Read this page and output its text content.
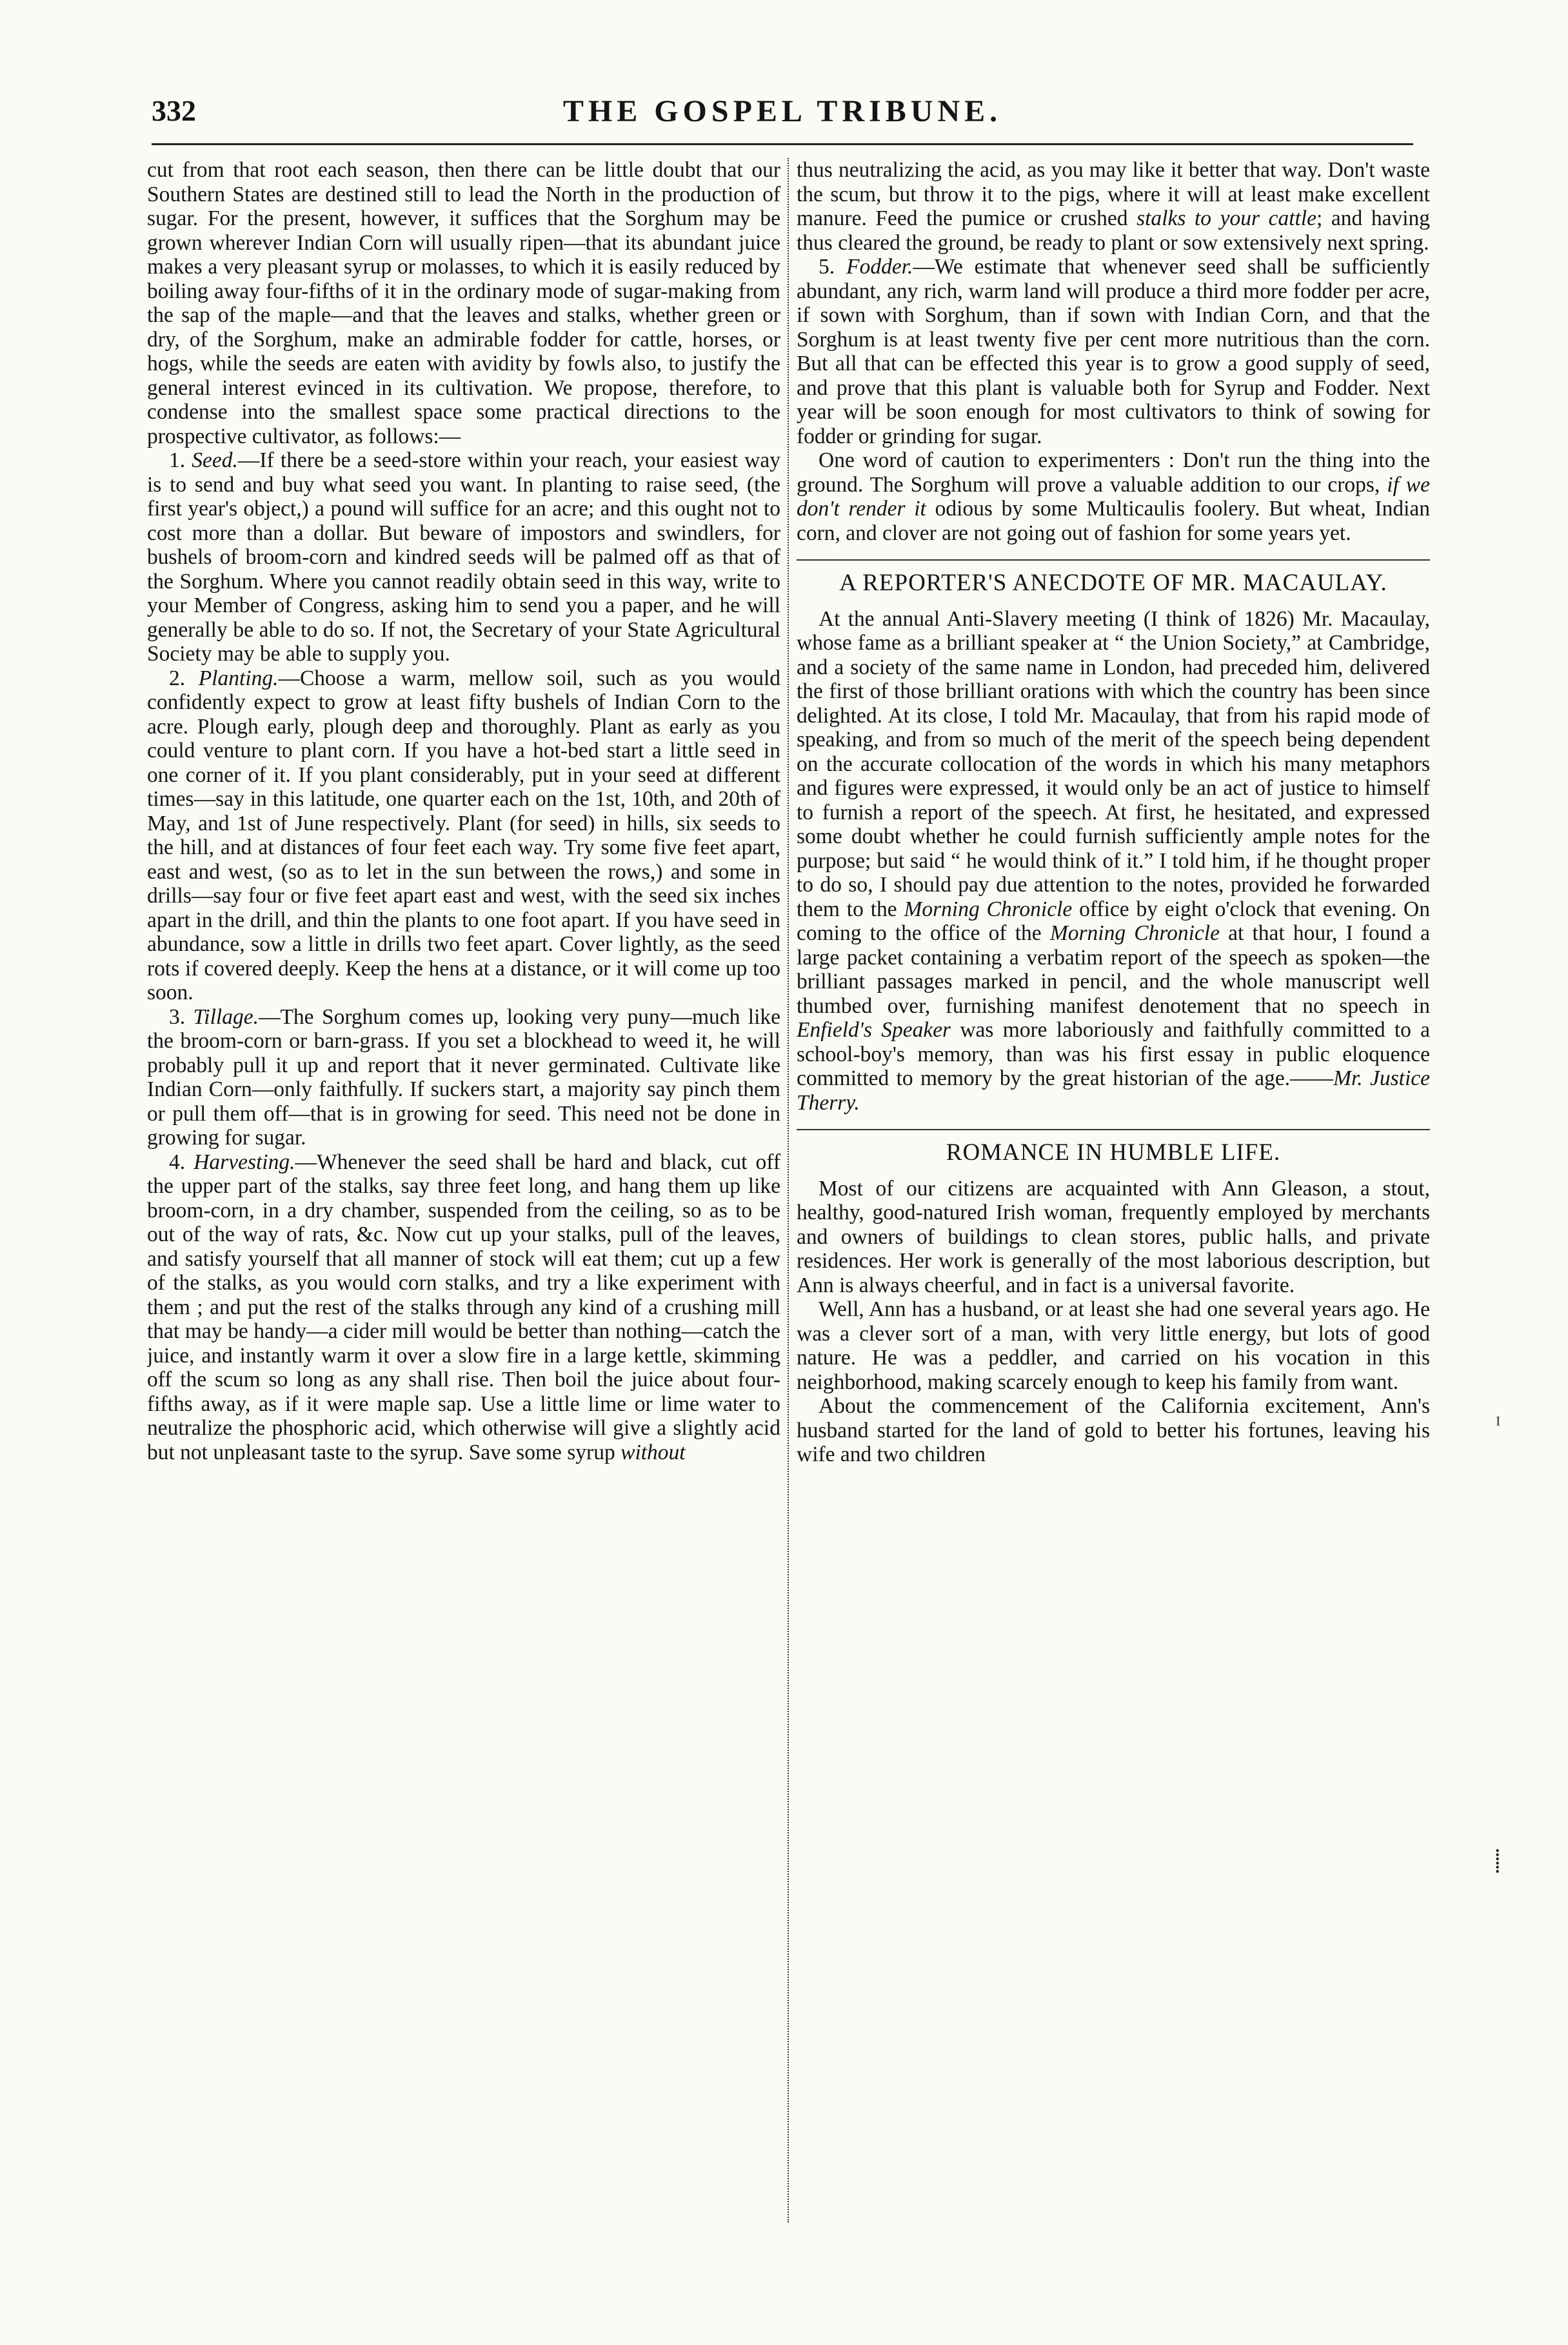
332	THE GOSPEL TRIBUNE.

cut from that root each season, then there can be little doubt that our Southern States are destined still to lead the North in the production of sugar. For the present, however, it suffices that the Sorghum may be grown wherever Indian Corn will usually ripen—that its abundant juice makes a very pleasant syrup or molasses, to which it is easily reduced by boiling away four-fifths of it in the ordinary mode of sugar-making from the sap of the maple—and that the leaves and stalks, whether green or dry, of the Sorghum, make an admirable fodder for cattle, horses, or hogs, while the seeds are eaten with avidity by fowls also, to justify the general interest evinced in its cultivation. We propose, therefore, to condense into the smallest space some practical directions to the prospective cultivator, as follows:—

1. Seed.—If there be a seed-store within your reach, your easiest way is to send and buy what seed you want. In planting to raise seed, (the first year's object,) a pound will suffice for an acre; and this ought not to cost more than a dollar. But beware of impostors and swindlers, for bushels of broom-corn and kindred seeds will be palmed off as that of the Sorghum. Where you cannot readily obtain seed in this way, write to your Member of Congress, asking him to send you a paper, and he will generally be able to do so. If not, the Secretary of your State Agricultural Society may be able to supply you.

2. Planting.—Choose a warm, mellow soil, such as you would confidently expect to grow at least fifty bushels of Indian Corn to the acre. Plough early, plough deep and thoroughly. Plant as early as you could venture to plant corn. If you have a hot-bed start a little seed in one corner of it. If you plant considerably, put in your seed at different times—say in this latitude, one quarter each on the 1st, 10th, and 20th of May, and 1st of June respectively. Plant (for seed) in hills, six seeds to the hill, and at distances of four feet each way. Try some five feet apart, east and west, (so as to let in the sun between the rows,) and some in drills—say four or five feet apart east and west, with the seed six inches apart in the drill, and thin the plants to one foot apart. If you have seed in abundance, sow a little in drills two feet apart. Cover lightly, as the seed rots if covered deeply. Keep the hens at a distance, or it will come up too soon.

3. Tillage.—The Sorghum comes up, looking very puny—much like the broom-corn or barn-grass. If you set a blockhead to weed it, he will probably pull it up and report that it never germinated. Cultivate like Indian Corn—only faithfully. If suckers start, a majority say pinch them or pull them off—that is in growing for seed. This need not be done in growing for sugar.

4. Harvesting.—Whenever the seed shall be hard and black, cut off the upper part of the stalks, say three feet long, and hang them up like broom-corn, in a dry chamber, suspended from the ceiling, so as to be out of the way of rats, &c. Now cut up your stalks, pull of the leaves, and satisfy yourself that all manner of stock will eat them; cut up a few of the stalks, as you would corn stalks, and try a like experiment with them ; and put the rest of the stalks through any kind of a crushing mill that may be handy—a cider mill would be better than nothing—catch the juice, and instantly warm it over a slow fire in a large kettle, skimming off the scum so long as any shall rise. Then boil the juice about four-fifths away, as if it were maple sap. Use a little lime or lime water to neutralize the phosphoric acid, which otherwise will give a slightly acid but not unpleasant taste to the syrup. Save some syrup without

thus neutralizing the acid, as you may like it better that way. Don't waste the scum, but throw it to the pigs, where it will at least make excellent manure. Feed the pumice or crushed stalks to your cattle; and having thus cleared the ground, be ready to plant or sow extensively next spring.

5. Fodder.—We estimate that whenever seed shall be sufficiently abundant, any rich, warm land will produce a third more fodder per acre, if sown with Sorghum, than if sown with Indian Corn, and that the Sorghum is at least twenty five per cent more nutritious than the corn. But all that can be effected this year is to grow a good supply of seed, and prove that this plant is valuable both for Syrup and Fodder. Next year will be soon enough for most cultivators to think of sowing for fodder or grinding for sugar.

One word of caution to experimenters : Don't run the thing into the ground. The Sorghum will prove a valuable addition to our crops, if we don't render it odious by some Multicaulis foolery. But wheat, Indian corn, and clover are not going out of fashion for some years yet.

A REPORTER'S ANECDOTE OF MR. MACAULAY.

At the annual Anti-Slavery meeting (I think of 1826) Mr. Macaulay, whose fame as a brilliant speaker at “ the Union Society,” at Cambridge, and a society of the same name in London, had preceded him, delivered the first of those brilliant orations with which the country has been since delighted. At its close, I told Mr. Macaulay, that from his rapid mode of speaking, and from so much of the merit of the speech being dependent on the accurate collocation of the words in which his many metaphors and figures were expressed, it would only be an act of justice to himself to furnish a report of the speech. At first, he hesitated, and expressed some doubt whether he could furnish sufficiently ample notes for the purpose; but said “ he would think of it.” I told him, if he thought proper to do so, I should pay due attention to the notes, provided he forwarded them to the Morning Chronicle office by eight o'clock that evening. On coming to the office of the Morning Chronicle at that hour, I found a large packet containing a verbatim report of the speech as spoken—the brilliant passages marked in pencil, and the whole manuscript well thumbed over, furnishing manifest denotement that no speech in Enfield's Speaker was more laboriously and faithfully committed to a school-boy's memory, than was his first essay in public eloquence committed to memory by the great historian of the age.——Mr. Justice Therry.

ROMANCE IN HUMBLE LIFE.

Most of our citizens are acquainted with Ann Gleason, a stout, healthy, good-natured Irish woman, frequently employed by merchants and owners of buildings to clean stores, public halls, and private residences. Her work is generally of the most laborious description, but Ann is always cheerful, and in fact is a universal favorite.

Well, Ann has a husband, or at least she had one several years ago. He was a clever sort of a man, with very little energy, but lots of good nature. He was a peddler, and carried on his vocation in this neighborhood, making scarcely enough to keep his family from want.

About the commencement of the California excitement, Ann's husband started for the land of gold to better his fortunes, leaving his wife and two children

ᴵ
⸽
